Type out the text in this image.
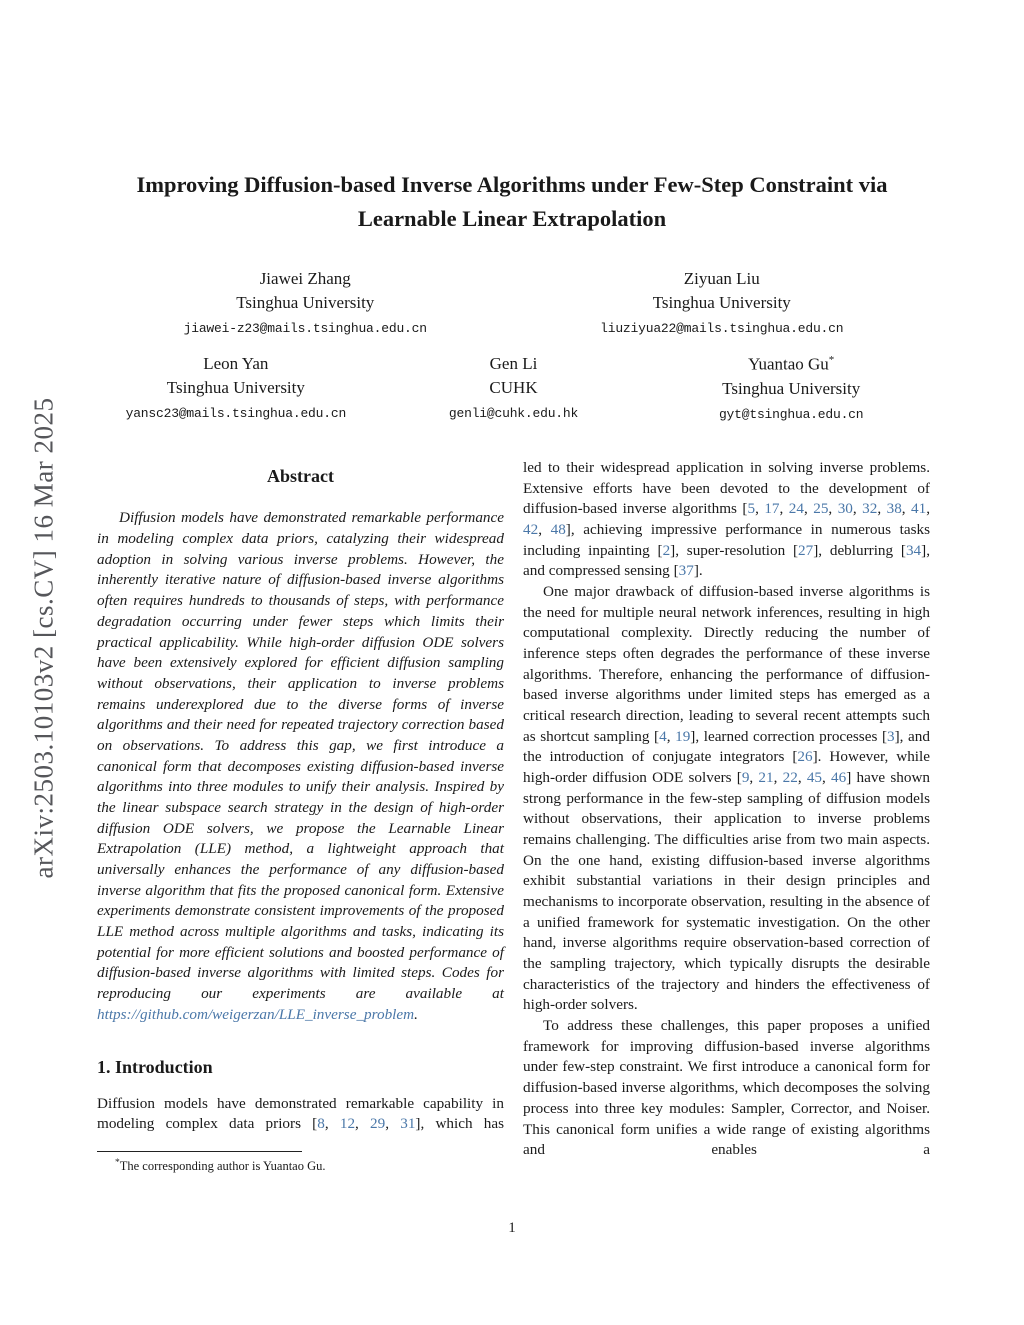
arXiv:2503.10103v2 [cs.CV] 16 Mar 2025
Improving Diffusion-based Inverse Algorithms under Few-Step Constraint via Learnable Linear Extrapolation
Jiawei Zhang
Tsinghua University
jiawei-z23@mails.tsinghua.edu.cn
Ziyuan Liu
Tsinghua University
liuziyua22@mails.tsinghua.edu.cn
Leon Yan
Tsinghua University
yansc23@mails.tsinghua.edu.cn
Gen Li
CUHK
genli@cuhk.edu.hk
Yuantao Gu*
Tsinghua University
gyt@tsinghua.edu.cn
Abstract

Diffusion models have demonstrated remarkable performance in modeling complex data priors, catalyzing their widespread adoption in solving various inverse problems. However, the inherently iterative nature of diffusion-based inverse algorithms often requires hundreds to thousands of steps, with performance degradation occurring under fewer steps which limits their practical applicability. While high-order diffusion ODE solvers have been extensively explored for efficient diffusion sampling without observations, their application to inverse problems remains underexplored due to the diverse forms of inverse algorithms and their need for repeated trajectory correction based on observations. To address this gap, we first introduce a canonical form that decomposes existing diffusion-based inverse algorithms into three modules to unify their analysis. Inspired by the linear subspace search strategy in the design of high-order diffusion ODE solvers, we propose the Learnable Linear Extrapolation (LLE) method, a lightweight approach that universally enhances the performance of any diffusion-based inverse algorithm that fits the proposed canonical form. Extensive experiments demonstrate consistent improvements of the proposed LLE method across multiple algorithms and tasks, indicating its potential for more efficient solutions and boosted performance of diffusion-based inverse algorithms with limited steps. Codes for reproducing our experiments are available at https://github.com/weigerzan/LLE_inverse_problem.

1. Introduction

Diffusion models have demonstrated remarkable capability in modeling complex data priors [8, 12, 29, 31], which has

*The corresponding author is Yuantao Gu.

led to their widespread application in solving inverse problems. Extensive efforts have been devoted to the development of diffusion-based inverse algorithms [5, 17, 24, 25, 30, 32, 38, 41, 42, 48], achieving impressive performance in numerous tasks including inpainting [2], super-resolution [27], deblurring [34], and compressed sensing [37].

One major drawback of diffusion-based inverse algorithms is the need for multiple neural network inferences, resulting in high computational complexity. Directly reducing the number of inference steps often degrades the performance of these inverse algorithms. Therefore, enhancing the performance of diffusion-based inverse algorithms under limited steps has emerged as a critical research direction, leading to several recent attempts such as shortcut sampling [4, 19], learned correction processes [3], and the introduction of conjugate integrators [26]. However, while high-order diffusion ODE solvers [9, 21, 22, 45, 46] have shown strong performance in the few-step sampling of diffusion models without observations, their application to inverse problems remains challenging. The difficulties arise from two main aspects. On the one hand, existing diffusion-based inverse algorithms exhibit substantial variations in their design principles and mechanisms to incorporate observation, resulting in the absence of a unified framework for systematic investigation. On the other hand, inverse algorithms require observation-based correction of the sampling trajectory, which typically disrupts the desirable characteristics of the trajectory and hinders the effectiveness of high-order solvers.

To address these challenges, this paper proposes a unified framework for improving diffusion-based inverse algorithms under few-step constraint. We first introduce a canonical form for diffusion-based inverse algorithms, which decomposes the solving process into three key modules: Sampler, Corrector, and Noiser. This canonical form unifies a wide range of existing algorithms and enables a

1
